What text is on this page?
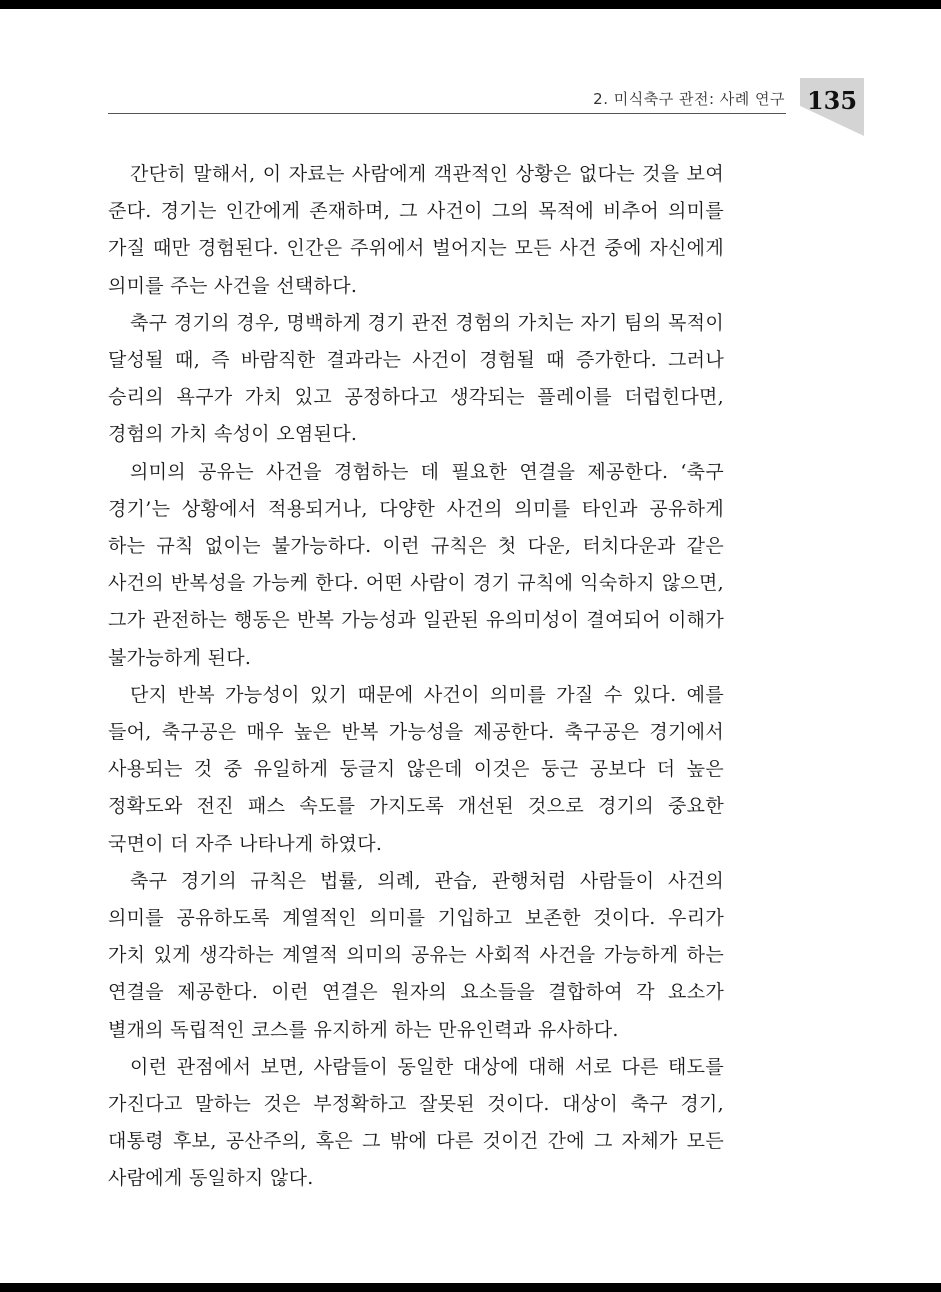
2. 미식축구 관전: 사례 연구 135

간단히 말해서, 이 자료는 사람에게 객관적인 상황은 없다는 것을 보여 준다. 경기는 인간에게 존재하며, 그 사건이 그의 목적에 비추어 의미를 가질 때만 경험된다. 인간은 주위에서 벌어지는 모든 사건 중에 자신에게 의미를 주는 사건을 선택하다.

축구 경기의 경우, 명백하게 경기 관전 경험의 가치는 자기 팀의 목적이 달성될 때, 즉 바람직한 결과라는 사건이 경험될 때 증가한다. 그러나 승리의 욕구가 가치 있고 공정하다고 생각되는 플레이를 더럽힌다면, 경험의 가치 속성이 오염된다.

의미의 공유는 사건을 경험하는 데 필요한 연결을 제공한다. ‘축구 경기’는 상황에서 적용되거나, 다양한 사건의 의미를 타인과 공유하게 하는 규칙 없이는 불가능하다. 이런 규칙은 첫 다운, 터치다운과 같은 사건의 반복성을 가능케 한다. 어떤 사람이 경기 규칙에 익숙하지 않으면, 그가 관전하는 행동은 반복 가능성과 일관된 유의미성이 결여되어 이해가 불가능하게 된다.

단지 반복 가능성이 있기 때문에 사건이 의미를 가질 수 있다. 예를 들어, 축구공은 매우 높은 반복 가능성을 제공한다. 축구공은 경기에서 사용되는 것 중 유일하게 둥글지 않은데 이것은 둥근 공보다 더 높은 정확도와 전진 패스 속도를 가지도록 개선된 것으로 경기의 중요한 국면이 더 자주 나타나게 하였다.

축구 경기의 규칙은 법률, 의례, 관습, 관행처럼 사람들이 사건의 의미를 공유하도록 계열적인 의미를 기입하고 보존한 것이다. 우리가 가치 있게 생각하는 계열적 의미의 공유는 사회적 사건을 가능하게 하는 연결을 제공한다. 이런 연결은 원자의 요소들을 결합하여 각 요소가 별개의 독립적인 코스를 유지하게 하는 만유인력과 유사하다.

이런 관점에서 보면, 사람들이 동일한 대상에 대해 서로 다른 태도를 가진다고 말하는 것은 부정확하고 잘못된 것이다. 대상이 축구 경기, 대통령 후보, 공산주의, 혹은 그 밖에 다른 것이건 간에 그 자체가 모든 사람에게 동일하지 않다.
